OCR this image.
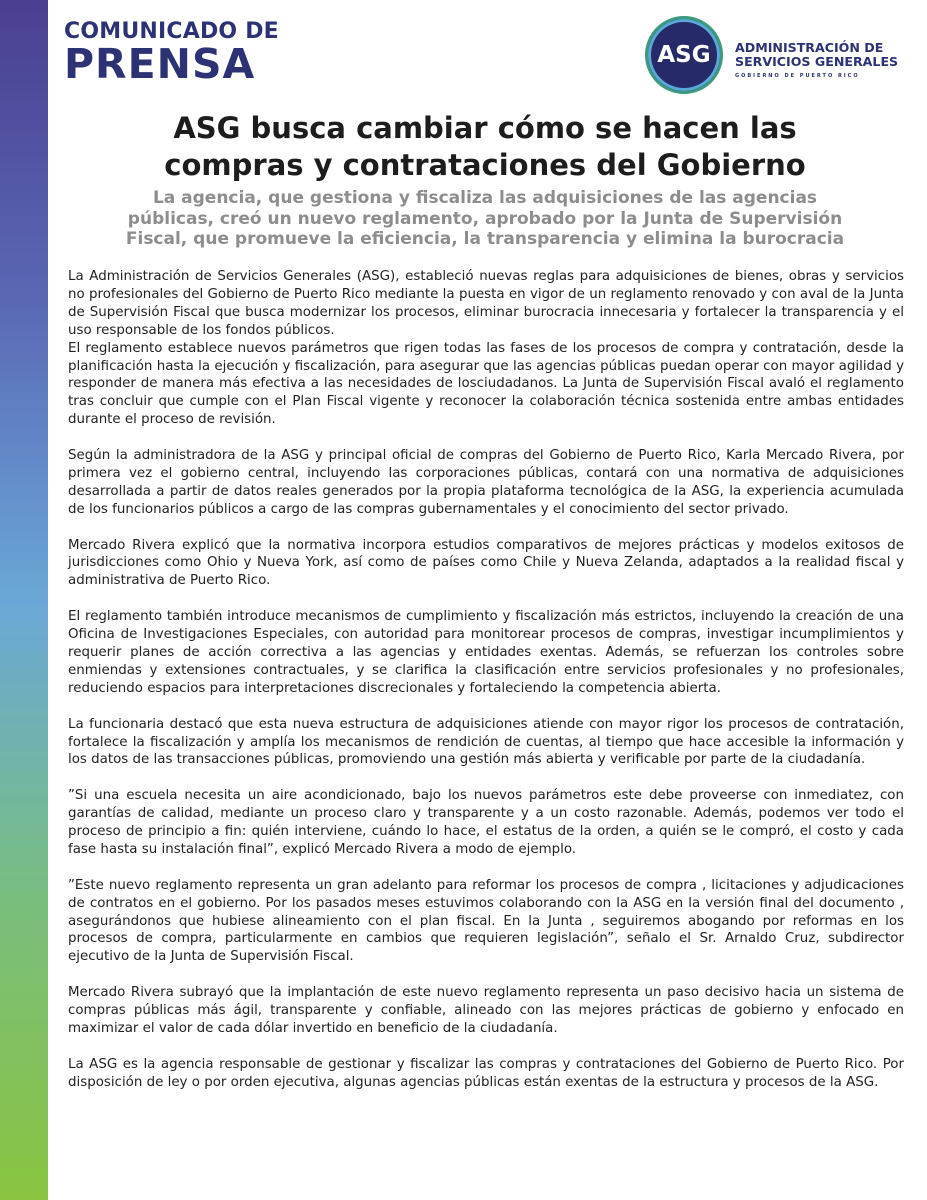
COMUNICADO DE
PRENSA	ASG	ADMINISTRACIÓN DE
SERVICIOS GENERALES
GOBIERNO DE PUERTO RICO
ASG busca cambiar cómo se hacen las compras y contrataciones del Gobierno
La agencia, que gestiona y fiscaliza las adquisiciones de las agencias públicas, creó un nuevo reglamento, aprobado por la Junta de Supervisión Fiscal, que promueve la eficiencia, la transparencia y elimina la burocracia

La Administración de Servicios Generales (ASG), estableció nuevas reglas para adquisiciones de bienes, obras y servicios no profesionales del Gobierno de Puerto Rico mediante la puesta en vigor de un reglamento renovado y con aval de la Junta de Supervisión Fiscal que busca modernizar los procesos, eliminar burocracia innecesaria y fortalecer la transparencia y el uso responsable de los fondos públicos.

El reglamento establece nuevos parámetros que rigen todas las fases de los procesos de compra y contratación, desde la planificación hasta la ejecución y fiscalización, para asegurar que las agencias públicas puedan operar con mayor agilidad y responder de manera más efectiva a las necesidades de losciudadanos. La Junta de Supervisión Fiscal avaló el reglamento tras concluir que cumple con el Plan Fiscal vigente y reconocer la colaboración técnica sostenida entre ambas entidades durante el proceso de revisión.

Según la administradora de la ASG y principal oficial de compras del Gobierno de Puerto Rico, Karla Mercado Rivera, por primera vez el gobierno central, incluyendo las corporaciones públicas, contará con una normativa de adquisiciones desarrollada a partir de datos reales generados por la propia plataforma tecnológica de la ASG, la experiencia acumulada de los funcionarios públicos a cargo de las compras gubernamentales y el conocimiento del sector privado.

Mercado Rivera explicó que la normativa incorpora estudios comparativos de mejores prácticas y modelos exitosos de jurisdicciones como Ohio y Nueva York, así como de países como Chile y Nueva Zelanda, adaptados a la realidad fiscal y administrativa de Puerto Rico.

El reglamento también introduce mecanismos de cumplimiento y fiscalización más estrictos, incluyendo la creación de una Oficina de Investigaciones Especiales, con autoridad para monitorear procesos de compras, investigar incumplimientos y requerir planes de acción correctiva a las agencias y entidades exentas. Además, se refuerzan los controles sobre enmiendas y extensiones contractuales, y se clarifica la clasificación entre servicios profesionales y no profesionales, reduciendo espacios para interpretaciones discrecionales y fortaleciendo la competencia abierta.

La funcionaria destacó que esta nueva estructura de adquisiciones atiende con mayor rigor los procesos de contratación, fortalece la fiscalización y amplía los mecanismos de rendición de cuentas, al tiempo que hace accesible la información y los datos de las transacciones públicas, promoviendo una gestión más abierta y verificable por parte de la ciudadanía.

”Si una escuela necesita un aire acondicionado, bajo los nuevos parámetros este debe proveerse con inmediatez, con garantías de calidad, mediante un proceso claro y transparente y a un costo razonable. Además, podemos ver todo el proceso de principio a fin: quién interviene, cuándo lo hace, el estatus de la orden, a quién se le compró, el costo y cada fase hasta su instalación final”, explicó Mercado Rivera a modo de ejemplo.

”Este nuevo reglamento representa un gran adelanto para reformar los procesos de compra , licitaciones y adjudicaciones de contratos en el gobierno. Por los pasados meses estuvimos colaborando con la ASG en la versión final del documento , asegurándonos que hubiese alineamiento con el plan fiscal. En la Junta , seguiremos abogando por reformas en los procesos de compra, particularmente en cambios que requieren legislación”, señalo el Sr. Arnaldo Cruz, subdirector ejecutivo de la Junta de Supervisión Fiscal.

Mercado Rivera subrayó que la implantación de este nuevo reglamento representa un paso decisivo hacia un sistema de compras públicas más ágil, transparente y confiable, alineado con las mejores prácticas de gobierno y enfocado en maximizar el valor de cada dólar invertido en beneficio de la ciudadanía.

La ASG es la agencia responsable de gestionar y fiscalizar las compras y contrataciones del Gobierno de Puerto Rico. Por disposición de ley o por orden ejecutiva, algunas agencias públicas están exentas de la estructura y procesos de la ASG.
